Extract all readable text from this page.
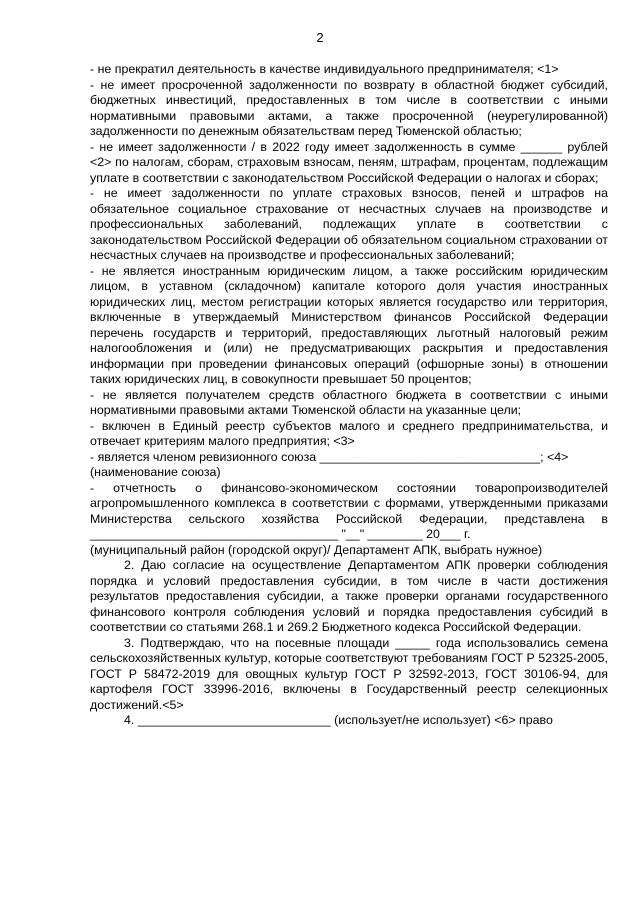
2

- не прекратил деятельность в качестве индивидуального предпринимателя; <1>

- не имеет просроченной задолженности по возврату в областной бюджет субсидий, бюджетных инвестиций, предоставленных в том числе в соответствии с иными нормативными правовыми актами, а также просроченной (неурегулированной) задолженности по денежным обязательствам перед Тюменской областью;

- не имеет задолженности / в 2022 году имеет задолженность в сумме ______ рублей <2> по налогам, сборам, страховым взносам, пеням, штрафам, процентам, подлежащим уплате в соответствии с законодательством Российской Федерации о налогах и сборах;

- не имеет задолженности по уплате страховых взносов, пеней и штрафов на обязательное социальное страхование от несчастных случаев на производстве и профессиональных заболеваний, подлежащих уплате в соответствии с законодательством Российской Федерации об обязательном социальном страховании от несчастных случаев на производстве и профессиональных заболеваний;

- не является иностранным юридическим лицом, а также российским юридическим лицом, в уставном (складочном) капитале которого доля участия иностранных юридических лиц, местом регистрации которых является государство или территория, включенные в утверждаемый Министерством финансов Российской Федерации перечень государств и территорий, предоставляющих льготный налоговый режим налогообложения и (или) не предусматривающих раскрытия и предоставления информации при проведении финансовых операций (офшорные зоны) в отношении таких юридических лиц, в совокупности превышает 50 процентов;

- не является получателем средств областного бюджета в соответствии с иными нормативными правовыми актами Тюменской области на указанные цели;

- включен в Единый реестр субъектов малого и среднего предпринимательства, и отвечает критериям малого предприятия; <3>

- является членом ревизионного союза ________________________________; <4>

(наименование союза)

- отчетность о финансово-экономическом состоянии товаропроизводителей агропромышленного комплекса в соответствии с формами, утвержденными приказами Министерства сельского хозяйства Российской Федерации, представлена в ____________________________________ "__" ________ 20___ г.

(муниципальный район (городской округ)/ Департамент АПК, выбрать нужное)

2. Даю согласие на осуществление Департаментом АПК проверки соблюдения порядка и условий предоставления субсидии, в том числе в части достижения результатов предоставления субсидии, а также проверки органами государственного финансового контроля соблюдения условий и порядка предоставления субсидий в соответствии со статьями 268.1 и 269.2 Бюджетного кодекса Российской Федерации.

3. Подтверждаю, что на посевные площади _____ года использовались семена сельскохозяйственных культур, которые соответствуют требованиям ГОСТ Р 52325-2005, ГОСТ Р 58472-2019 для овощных культур ГОСТ Р 32592-2013, ГОСТ 30106-94, для картофеля ГОСТ 33996-2016, включены в Государственный реестр селекционных достижений.<5>

4. ____________________________ (использует/не использует) <6> право
